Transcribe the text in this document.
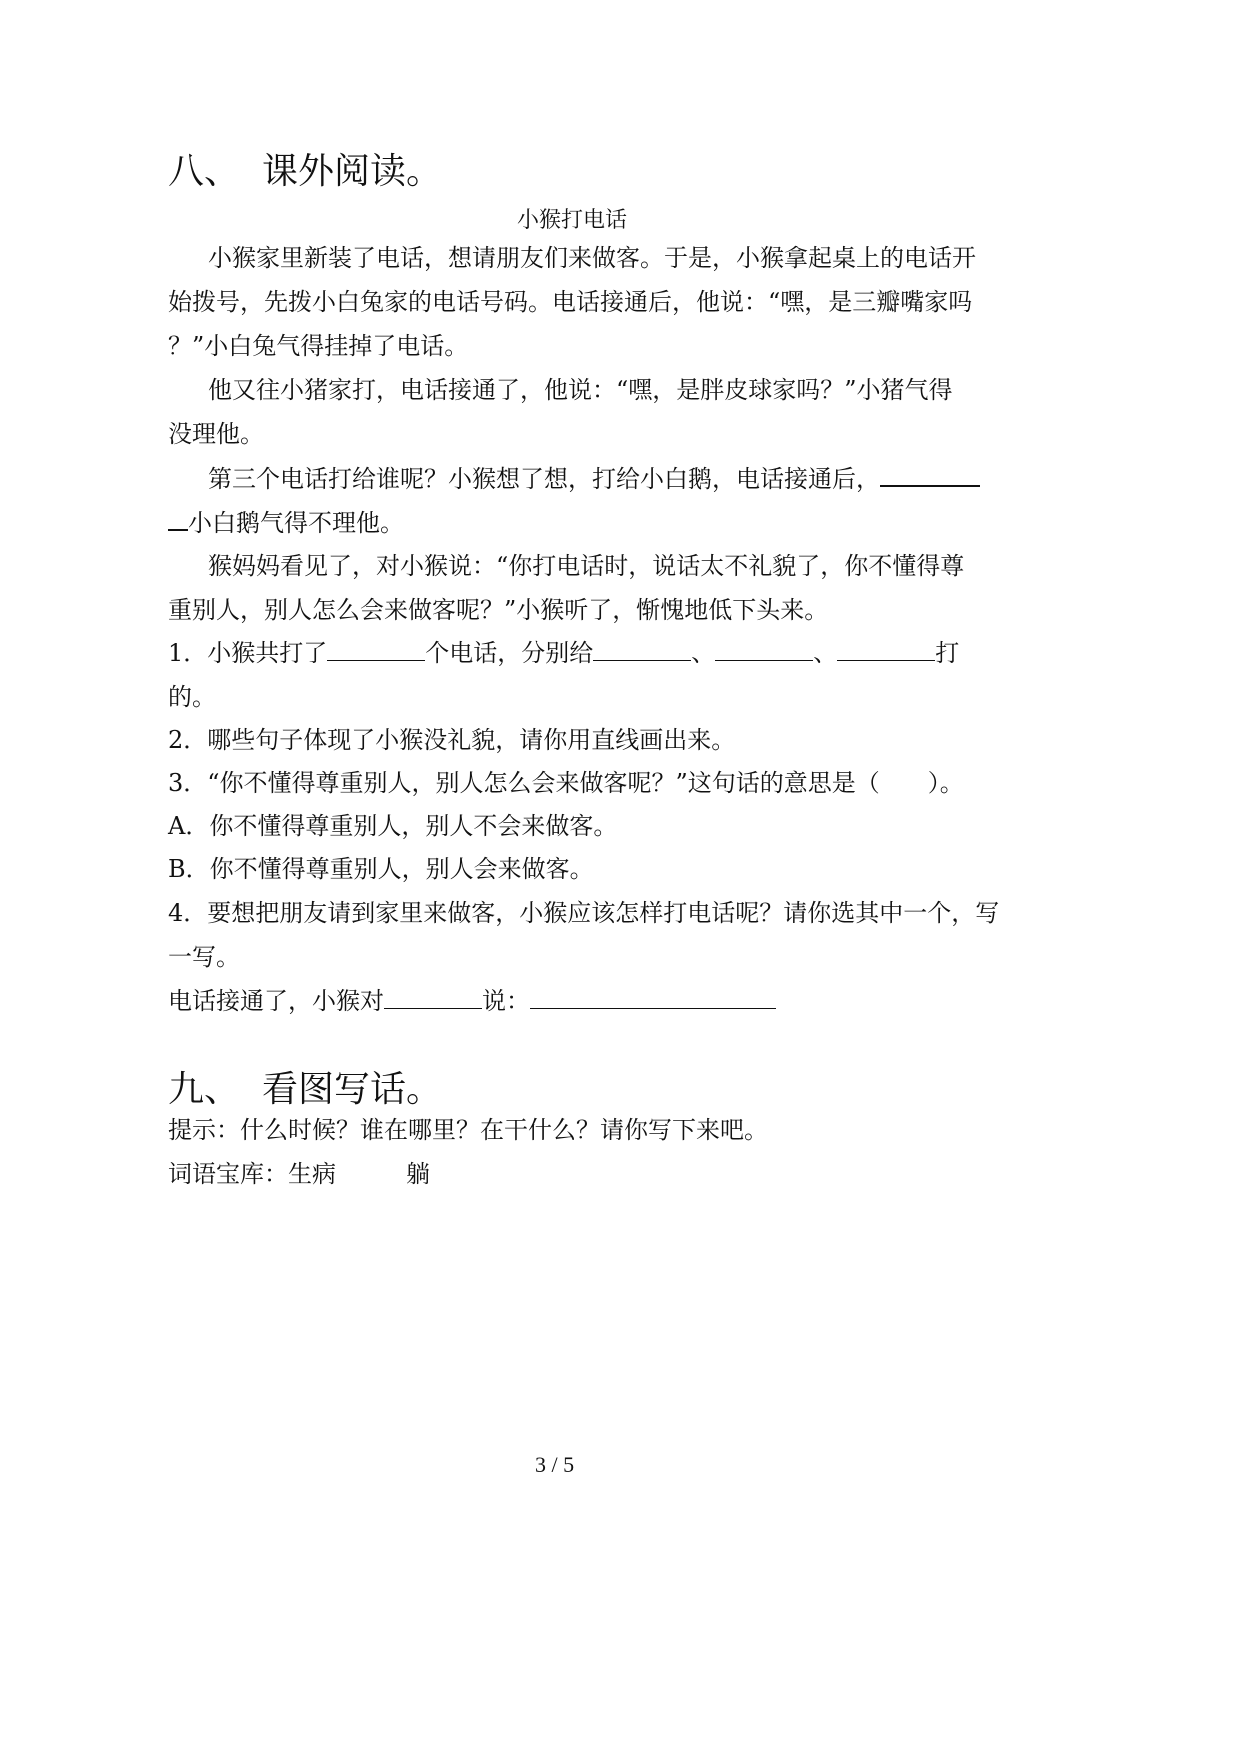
八、 课外阅读。
小猴打电话
小猴家里新装了电话，想请朋友们来做客。于是，小猴拿起桌上的电话开
始拨号，先拨小白兔家的电话号码。电话接通后，他说：“嘿，是三瓣嘴家吗
？”小白兔气得挂掉了电话。
他又往小猪家打，电话接通了，他说：“嘿，是胖皮球家吗？”小猪气得
没理他。
第三个电话打给谁呢？小猴想了想，打给小白鹅，电话接通后，
小白鹅气得不理他。
猴妈妈看见了，对小猴说：“你打电话时，说话太不礼貌了，你不懂得尊
重别人，别人怎么会来做客呢？”小猴听了，惭愧地低下头来。
1．小猴共打了	个电话，分别给	、	、	打
的。
2．哪些句子体现了小猴没礼貌，请你用直线画出来。
3．“你不懂得尊重别人，别人怎么会来做客呢？”这句话的意思是（　　）。
A．你不懂得尊重别人，别人不会来做客。
B．你不懂得尊重别人，别人会来做客。
4．要想把朋友请到家里来做客，小猴应该怎样打电话呢？请你选其中一个，写
一写。
电话接通了，小猴对	说：
九、 看图写话。
提示：什么时候？谁在哪里？在干什么？请你写下来吧。
词语宝库：生病	躺
3 / 5
